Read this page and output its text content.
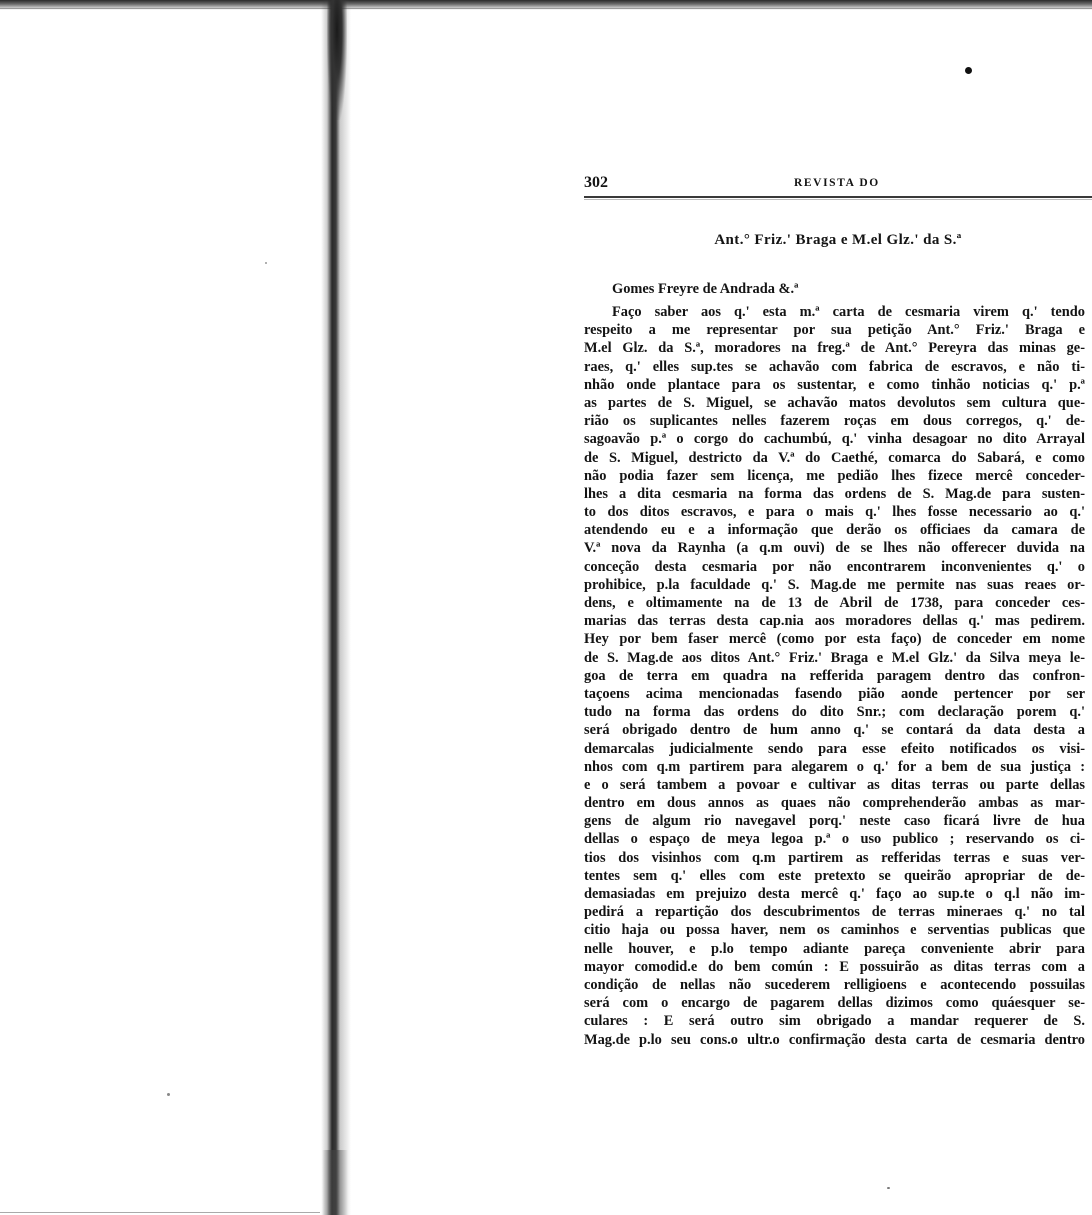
302	REVISTA DO
Ant.° Friz.' Braga e M.el Glz.' da S.ª
Gomes Freyre de Andrada &.ª
Faço saber aos q.' esta m.ª carta de cesmaria virem q.' tendo
respeito a me representar por sua petição Ant.° Friz.' Braga e
M.el Glz. da S.ª, moradores na freg.ª de Ant.° Pereyra das minas ge-
raes, q.' elles sup.tes se achavão com fabrica de escravos, e não ti-
nhão onde plantace para os sustentar, e como tinhão noticias q.' p.ª
as partes de S. Miguel, se achavão matos devolutos sem cultura que-
rião os suplicantes nelles fazerem roças em dous corregos, q.' de-
sagoavão p.ª o corgo do cachumbú, q.' vinha desagoar no dito Arrayal
de S. Miguel, destricto da V.ª do Caethé, comarca do Sabará, e como
não podia fazer sem licença, me pedião lhes fizece mercê conceder-
lhes a dita cesmaria na forma das ordens de S. Mag.de para susten-
to dos ditos escravos, e para o mais q.' lhes fosse necessario ao q.'
atendendo eu e a informação que derão os officiaes da camara de
V.ª nova da Raynha (a q.m ouvi) de se lhes não offerecer duvida na
conceção desta cesmaria por não encontrarem inconvenientes q.' o
prohibice, p.la faculdade q.' S. Mag.de me permite nas suas reaes or-
dens, e oltimamente na de 13 de Abril de 1738, para conceder ces-
marias das terras desta cap.nia aos moradores dellas q.' mas pedirem.
Hey por bem faser mercê (como por esta faço) de conceder em nome
de S. Mag.de aos ditos Ant.° Friz.' Braga e M.el Glz.' da Silva meya le-
goa de terra em quadra na refferida paragem dentro das confron-
taçoens acima mencionadas fasendo pião aonde pertencer por ser
tudo na forma das ordens do dito Snr.; com declaração porem q.'
será obrigado dentro de hum anno q.' se contará da data desta a
demarcalas judicialmente sendo para esse efeito notificados os visi-
nhos com q.m partirem para alegarem o q.' for a bem de sua justiça :
e o será tambem a povoar e cultivar as ditas terras ou parte dellas
dentro em dous annos as quaes não comprehenderão ambas as mar-
gens de algum rio navegavel porq.' neste caso ficará livre de hua
dellas o espaço de meya legoa p.ª o uso publico ; reservando os ci-
tios dos visinhos com q.m partirem as refferidas terras e suas ver-
tentes sem q.' elles com este pretexto se queirão apropriar de de-
demasiadas em prejuizo desta mercê q.' faço ao sup.te o q.l não im-
pedirá a repartição dos descubrimentos de terras mineraes q.' no tal
citio haja ou possa haver, nem os caminhos e serventias publicas que
nelle houver, e p.lo tempo adiante pareça conveniente abrir para
mayor comodid.e do bem común : E possuirão as ditas terras com a
condição de nellas não sucederem relligioens e acontecendo possuilas
será com o encargo de pagarem dellas dizimos como quáesquer se-
culares : E será outro sim obrigado a mandar requerer de S.
Mag.de p.lo seu cons.o ultr.o confirmação desta carta de cesmaria dentro
